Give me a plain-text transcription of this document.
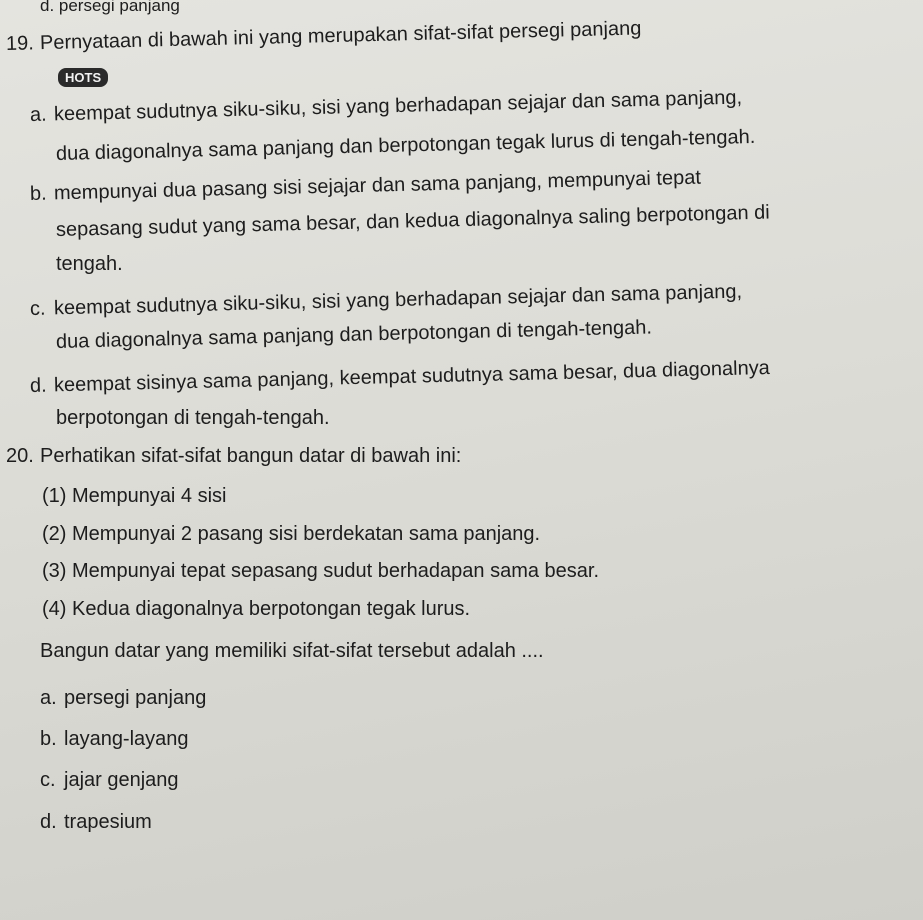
d. persegi panjang
19. Pernyataan di bawah ini yang merupakan sifat-sifat persegi panjang
HOTS
a. keempat sudutnya siku-siku, sisi yang berhadapan sejajar dan sama panjang,
dua diagonalnya sama panjang dan berpotongan tegak lurus di tengah-tengah.
b. mempunyai dua pasang sisi sejajar dan sama panjang, mempunyai tepat
sepasang sudut yang sama besar, dan kedua diagonalnya saling berpotongan di
tengah.
c. keempat sudutnya siku-siku, sisi yang berhadapan sejajar dan sama panjang,
dua diagonalnya sama panjang dan berpotongan di tengah-tengah.
d. keempat sisinya sama panjang, keempat sudutnya sama besar, dua diagonalnya
berpotongan di tengah-tengah.
20. Perhatikan sifat-sifat bangun datar di bawah ini:
(1) Mempunyai 4 sisi
(2) Mempunyai 2 pasang sisi berdekatan sama panjang.
(3) Mempunyai tepat sepasang sudut berhadapan sama besar.
(4) Kedua diagonalnya berpotongan tegak lurus.
Bangun datar yang memiliki sifat-sifat tersebut adalah ....
a. persegi panjang
b. layang-layang
c. jajar genjang
d. trapesium
